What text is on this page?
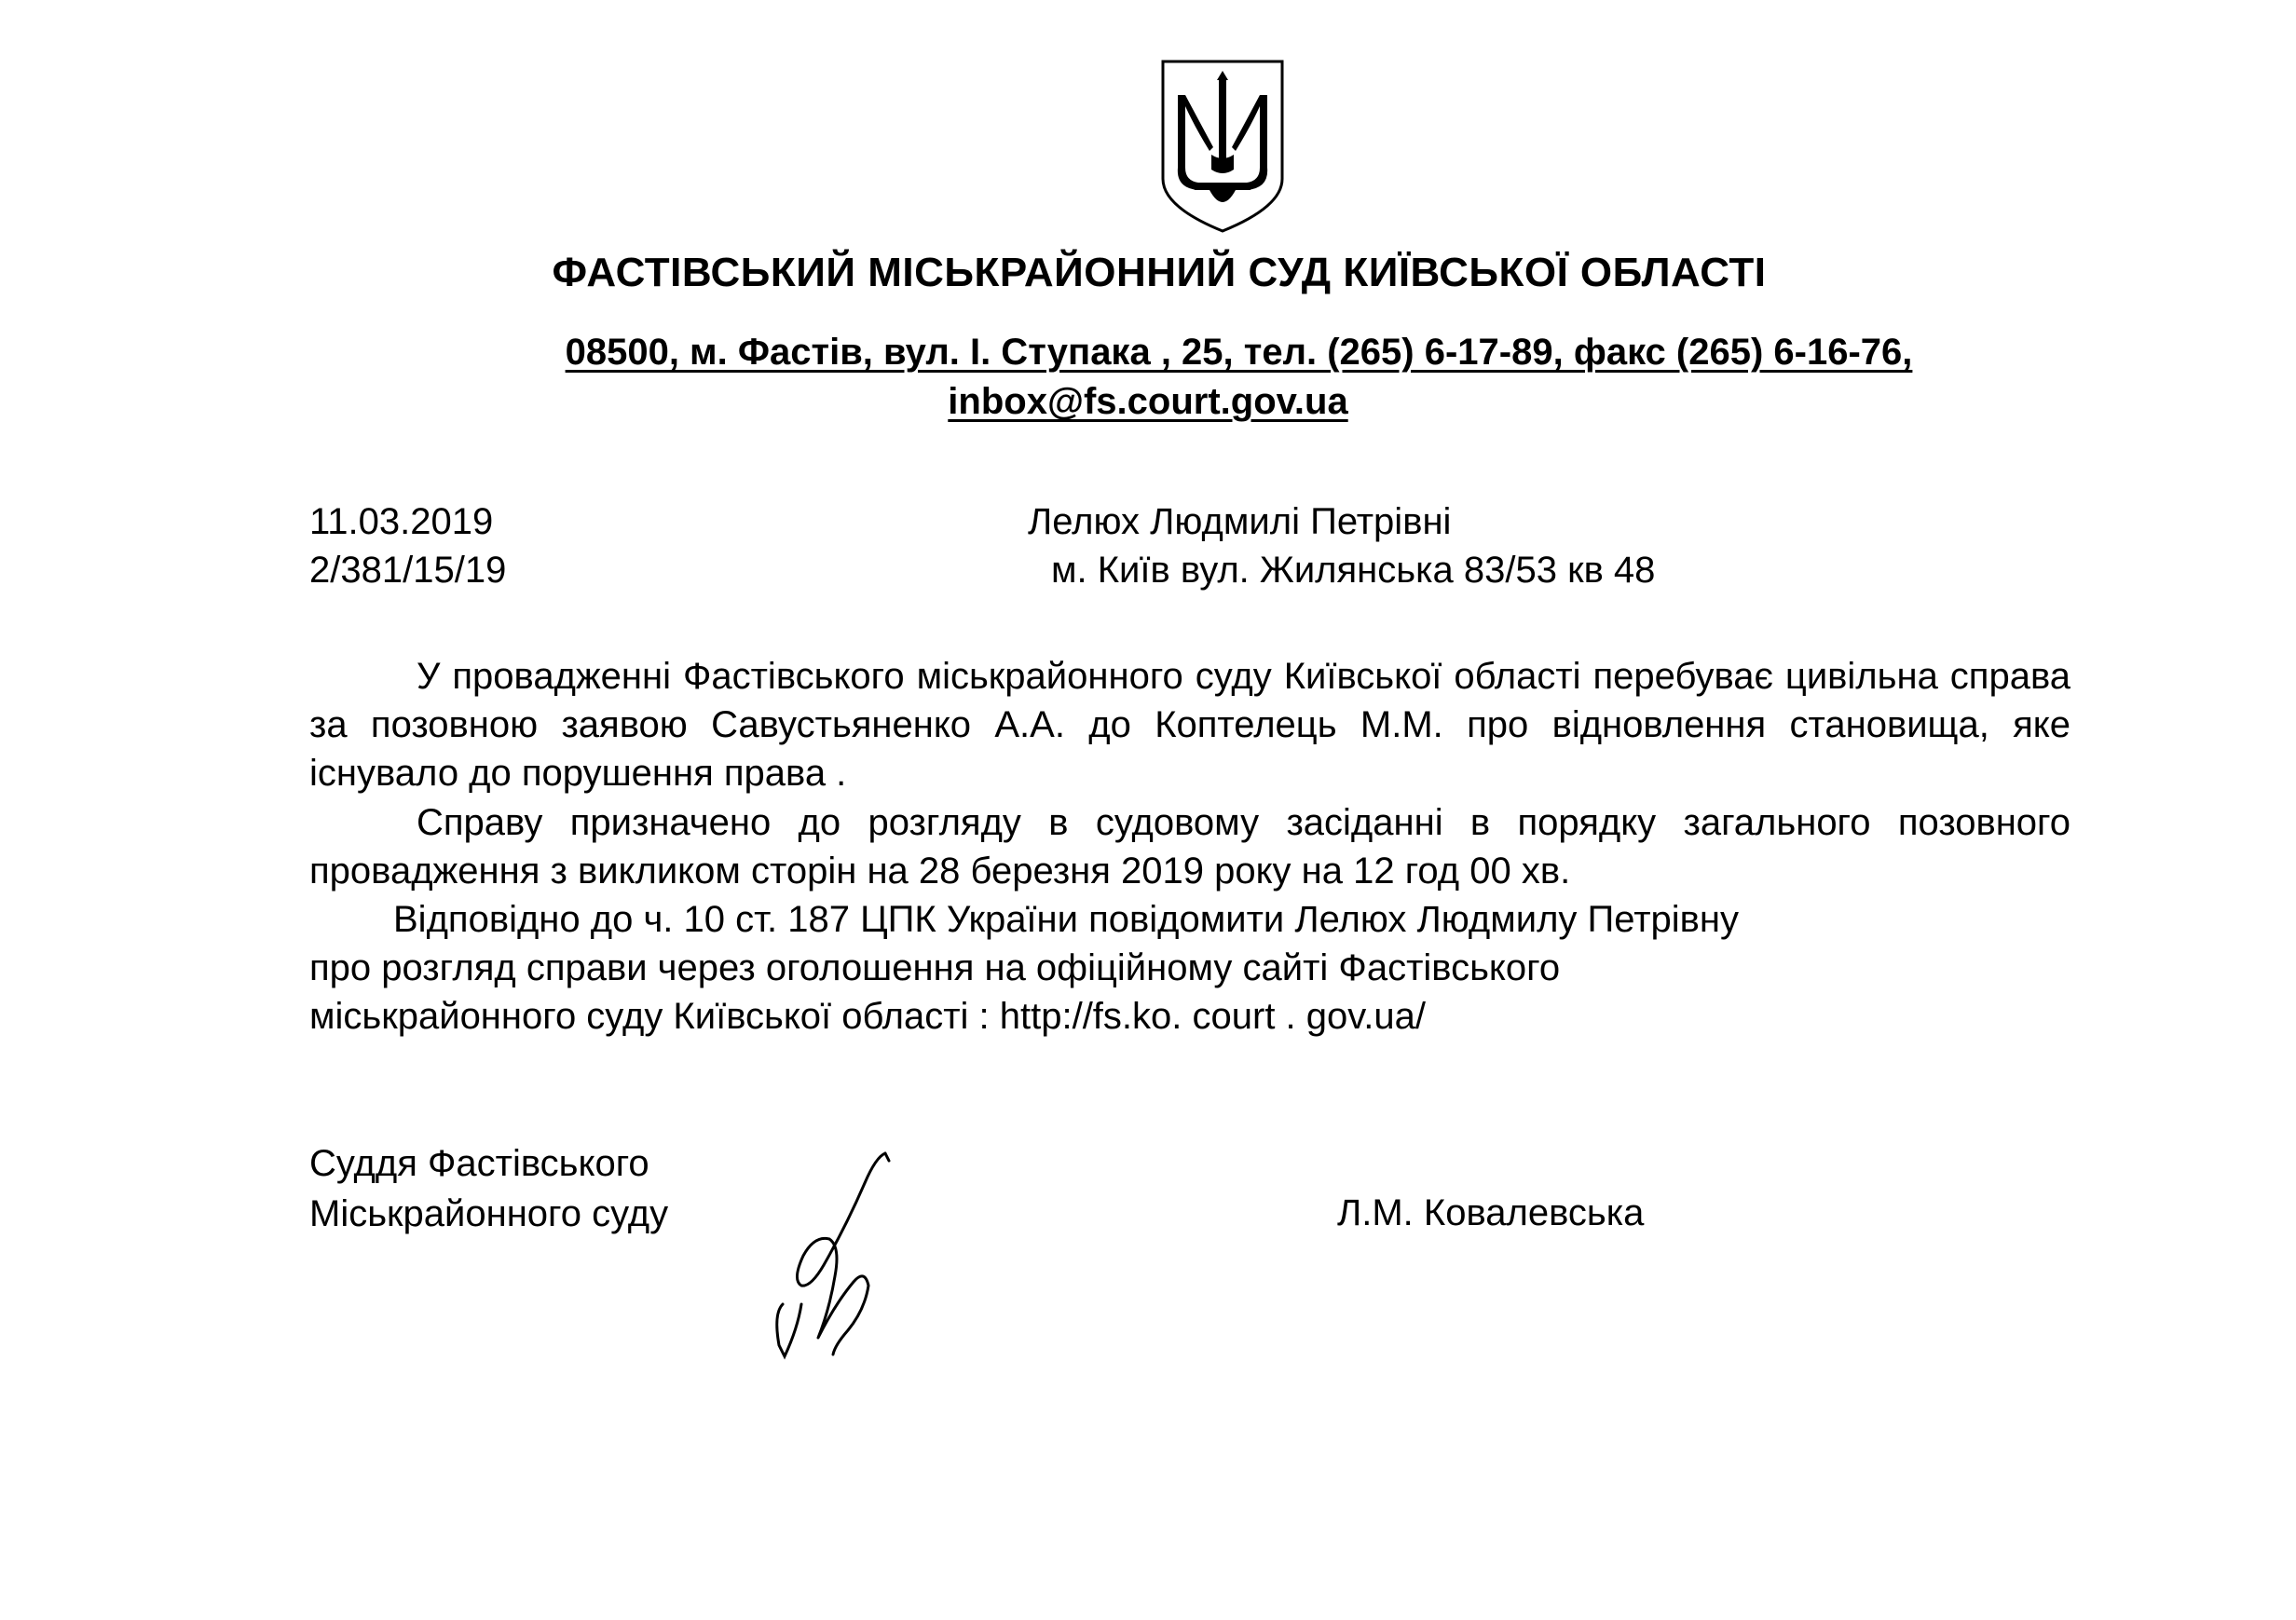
ФАСТІВСЬКИЙ МІСЬКРАЙОННИЙ СУД КИЇВСЬКОЇ ОБЛАСТІ
08500, м. Фастів, вул. І. Ступака , 25, тел. (265) 6-17-89, факс (265) 6-16-76,
inbox@fs.court.gov.ua
11.03.2019
2/381/15/19
Лелюх Людмилі Петрівні
м. Київ вул. Жилянська 83/53 кв 48
У провадженні Фастівського міськрайонного суду Київської області перебуває цивільна справа за позовною заявою Савустьяненко А.А. до Коптелець М.М. про відновлення становища, яке існувало до порушення права .
Справу призначено до розгляду в судовому засіданні в порядку загального позовного провадження з викликом сторін на 28 березня 2019 року на 12 год 00 хв.
Відповідно до ч. 10 ст. 187 ЦПК України повідомити Лелюх Людмилу Петрівну
про розгляд справи через оголошення на офіційному сайті Фастівського
міськрайонного суду Київської області : http://fs.ko. court . gov.ua/
Суддя Фастівського
Міськрайонного суду	Л.М. Ковалевська
